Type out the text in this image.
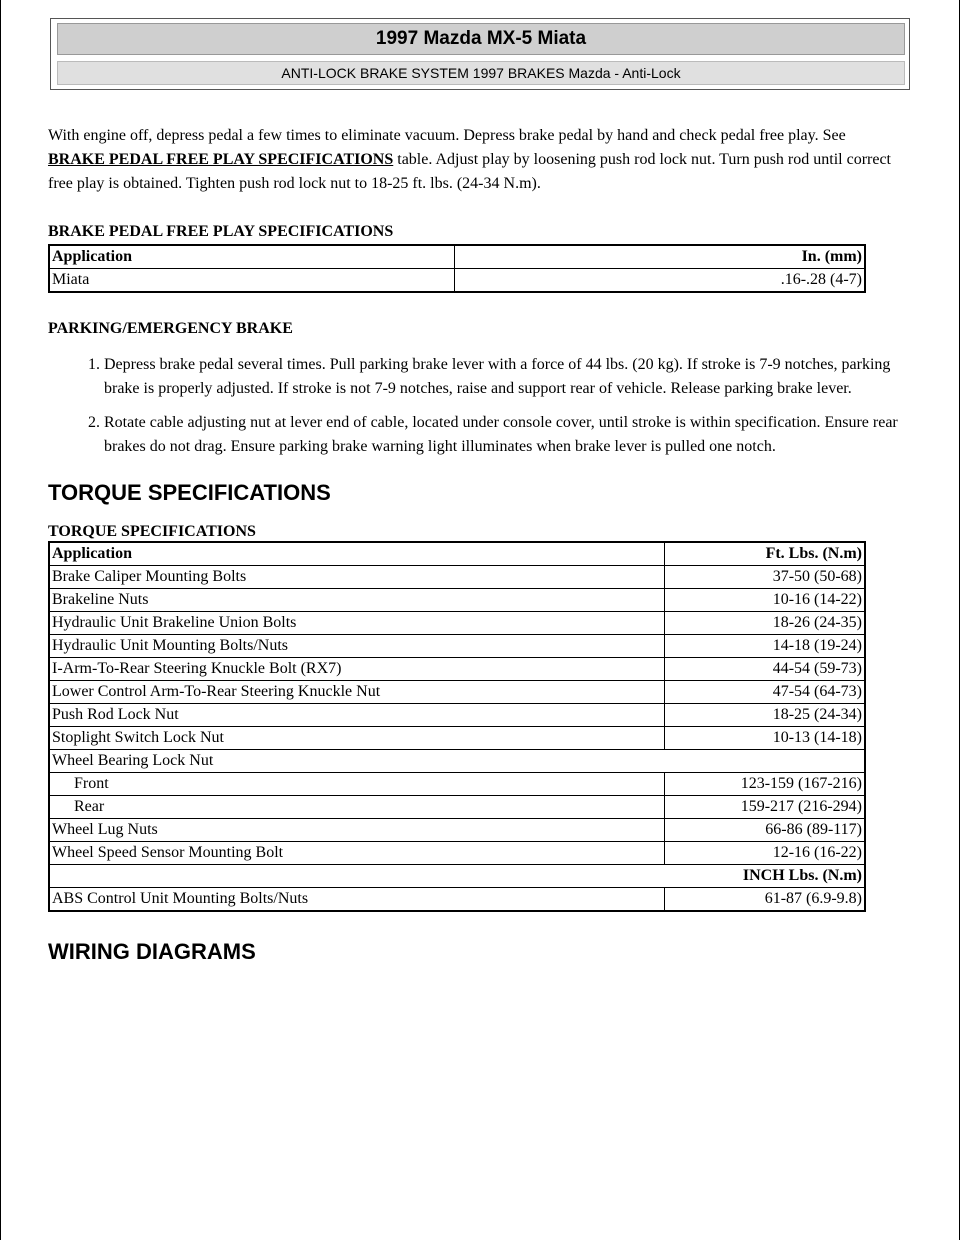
1997 Mazda MX-5 Miata
ANTI-LOCK BRAKE SYSTEM 1997 BRAKES Mazda - Anti-Lock

With engine off, depress pedal a few times to eliminate vacuum. Depress brake pedal by hand and check pedal free play. See BRAKE PEDAL FREE PLAY SPECIFICATIONS table. Adjust play by loosening push rod lock nut. Turn push rod until correct free play is obtained. Tighten push rod lock nut to 18-25 ft. lbs. (24-34 N.m).

BRAKE PEDAL FREE PLAY SPECIFICATIONS

Application	In. (mm)
Miata	.16-.28 (4-7)

PARKING/EMERGENCY BRAKE

1. Depress brake pedal several times. Pull parking brake lever with a force of 44 lbs. (20 kg). If stroke is 7-9 notches, parking brake is properly adjusted. If stroke is not 7-9 notches, raise and support rear of vehicle. Release parking brake lever.
2. Rotate cable adjusting nut at lever end of cable, located under console cover, until stroke is within specification. Ensure rear brakes do not drag. Ensure parking brake warning light illuminates when brake lever is pulled one notch.
TORQUE SPECIFICATIONS

TORQUE SPECIFICATIONS

Application	Ft. Lbs. (N.m)
Brake Caliper Mounting Bolts	37-50 (50-68)
Brakeline Nuts	10-16 (14-22)
Hydraulic Unit Brakeline Union Bolts	18-26 (24-35)
Hydraulic Unit Mounting Bolts/Nuts	14-18 (19-24)
I-Arm-To-Rear Steering Knuckle Bolt (RX7)	44-54 (59-73)
Lower Control Arm-To-Rear Steering Knuckle Nut	47-54 (64-73)
Push Rod Lock Nut	18-25 (24-34)
Stoplight Switch Lock Nut	10-13 (14-18)
Wheel Bearing Lock Nut	
Front	123-159 (167-216)
Rear	159-217 (216-294)
Wheel Lug Nuts	66-86 (89-117)
Wheel Speed Sensor Mounting Bolt	12-16 (16-22)
INCH Lbs. (N.m)	
ABS Control Unit Mounting Bolts/Nuts	61-87 (6.9-9.8)
WIRING DIAGRAMS
